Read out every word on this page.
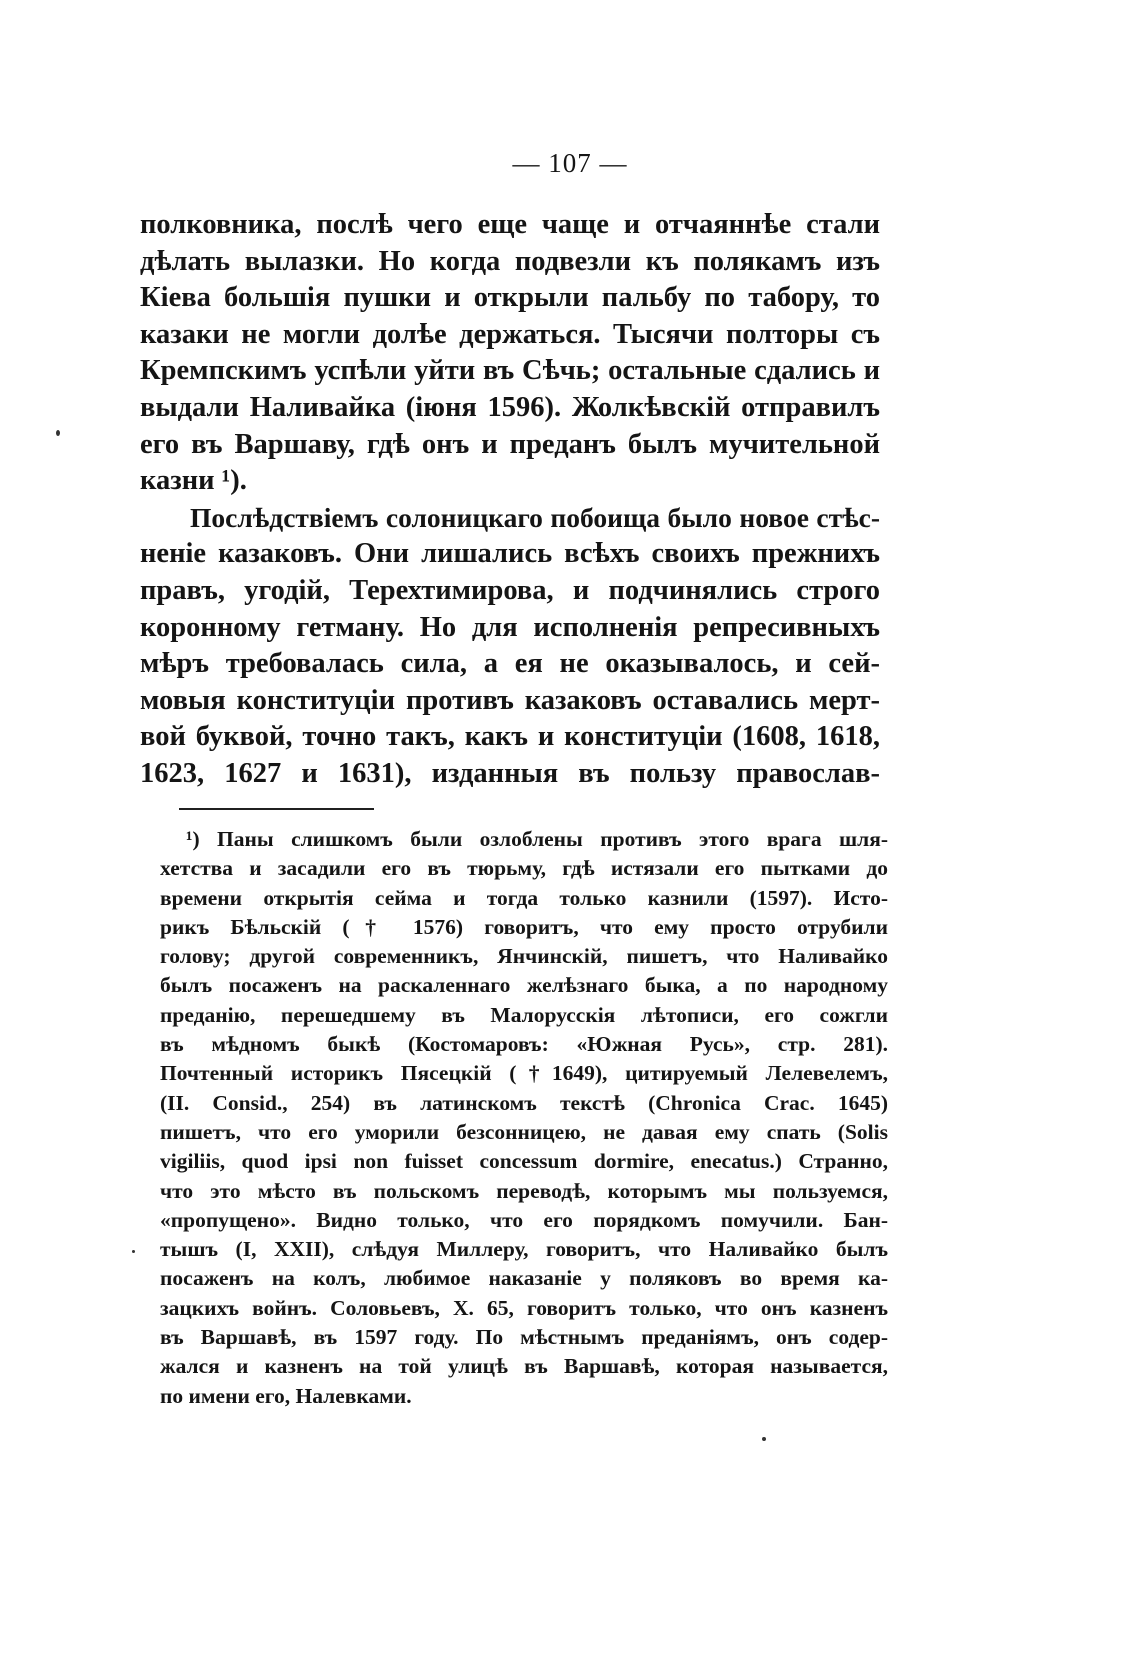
— 107 —
полковника, послѣ чего еще чаще и отчаяннѣе стали
дѣлать вылазки. Но когда подвезли къ полякамъ изъ
Кіева большія пушки и открыли пальбу по табору, то
казаки не могли долѣе держаться. Тысячи полторы съ
Кремпскимъ успѣли уйти въ Сѣчь; остальные сдались и
выдали Наливайка (іюня 1596). Жолкѣвскій отправилъ
его въ Варшаву, гдѣ онъ и преданъ былъ мучительной
казни ¹).
Послѣдствіемъ солоницкаго побоища было новое стѣс-
неніе казаковъ. Они лишались всѣхъ своихъ прежнихъ
правъ, угодій, Терехтимирова, и подчинялись строго
коронному гетману. Но для исполненія репресивныхъ
мѣръ требовалась сила, а ея не оказывалось, и сей-
мовыя конституціи противъ казаковъ оставались мерт-
вой буквой, точно такъ, какъ и конституціи (1608, 1618,
1623, 1627 и 1631), изданныя въ пользу православ-
¹) Паны слишкомъ были озлоблены противъ этого врага шля-
хетства и засадили его въ тюрьму, гдѣ истязали его пытками до
времени открытія сейма и тогда только казнили (1597). Исто-
рикъ Бѣльскій († 1576) говоритъ, что ему просто отрубили
голову; другой современникъ, Янчинскій, пишетъ, что Наливайко
былъ посаженъ на раскаленнаго желѣзнаго быка, а по народному
преданію, перешедшему въ Малорусскія лѣтописи, его сожгли
въ мѣдномъ быкѣ (Костомаровъ: «Южная Русь», стр. 281).
Почтенный историкъ Пясецкій (†1649), цитируемый Лелевелемъ,
(II. Consid., 254) въ латинскомъ текстѣ (Chronica Crac. 1645)
пишетъ, что его уморили безсонницею, не давая ему спать (Solis
vigiliis, quod ipsi non fuisset concessum dormire, enecatus.) Странно,
что это мѣсто въ польскомъ переводѣ, которымъ мы пользуемся,
«пропущено». Видно только, что его порядкомъ помучили. Бан-
тышъ (I, XXII), слѣдуя Миллеру, говоритъ, что Наливайко былъ
посаженъ на колъ, любимое наказаніе у поляковъ во время ка-
зацкихъ войнъ. Соловьевъ, X. 65, говоритъ только, что онъ казненъ
въ Варшавѣ, въ 1597 году. По мѣстнымъ преданіямъ, онъ содер-
жался и казненъ на той улицѣ въ Варшавѣ, которая называется,
по имени его, Налевками.
